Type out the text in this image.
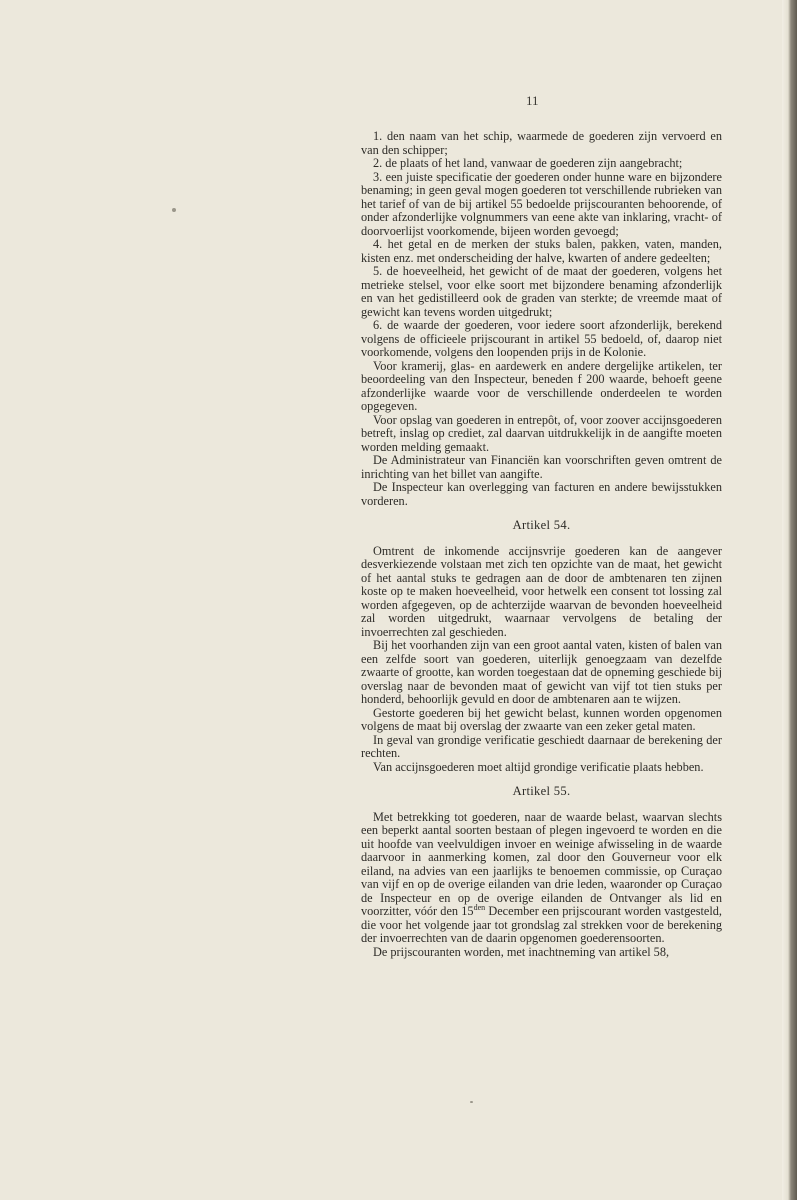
11

1. den naam van het schip, waarmede de goederen zijn vervoerd en van den schipper;

2. de plaats of het land, vanwaar de goederen zijn aangebracht;

3. een juiste specificatie der goederen onder hunne ware en bijzondere benaming; in geen geval mogen goederen tot verschillende rubrieken van het tarief of van de bij artikel 55 bedoelde prijscouranten behoorende, of onder afzonderlijke volgnummers van eene akte van inklaring, vracht- of doorvoerlijst voorkomende, bijeen worden gevoegd;

4. het getal en de merken der stuks balen, pakken, vaten, manden, kisten enz. met onderscheiding der halve, kwarten of andere gedeelten;

5. de hoeveelheid, het gewicht of de maat der goederen, volgens het metrieke stelsel, voor elke soort met bijzondere benaming afzonderlijk en van het gedistilleerd ook de graden van sterkte; de vreemde maat of gewicht kan tevens worden uitgedrukt;

6. de waarde der goederen, voor iedere soort afzonderlijk, berekend volgens de officieele prijscourant in artikel 55 bedoeld, of, daarop niet voorkomende, volgens den loopenden prijs in de Kolonie.

Voor kramerij, glas- en aardewerk en andere dergelijke artikelen, ter beoordeeling van den Inspecteur, beneden f 200 waarde, behoeft geene afzonderlijke waarde voor de verschillende onderdeelen te worden opgegeven.

Voor opslag van goederen in entrepôt, of, voor zoover accijnsgoederen betreft, inslag op crediet, zal daarvan uitdrukkelijk in de aangifte moeten worden melding gemaakt.

De Administrateur van Financiën kan voorschriften geven omtrent de inrichting van het billet van aangifte.

De Inspecteur kan overlegging van facturen en andere bewijsstukken vorderen.

Artikel 54.

Omtrent de inkomende accijnsvrije goederen kan de aangever desverkiezende volstaan met zich ten opzichte van de maat, het gewicht of het aantal stuks te gedragen aan de door de ambtenaren ten zijnen koste op te maken hoeveelheid, voor hetwelk een consent tot lossing zal worden afgegeven, op de achterzijde waarvan de bevonden hoeveelheid zal worden uitgedrukt, waarnaar vervolgens de betaling der invoerrechten zal geschieden.

Bij het voorhanden zijn van een groot aantal vaten, kisten of balen van een zelfde soort van goederen, uiterlijk genoegzaam van dezelfde zwaarte of grootte, kan worden toegestaan dat de opneming geschiede bij overslag naar de bevonden maat of gewicht van vijf tot tien stuks per honderd, behoorlijk gevuld en door de ambtenaren aan te wijzen.

Gestorte goederen bij het gewicht belast, kunnen worden opgenomen volgens de maat bij overslag der zwaarte van een zeker getal maten.

In geval van grondige verificatie geschiedt daarnaar de berekening der rechten.

Van accijnsgoederen moet altijd grondige verificatie plaats hebben.

Artikel 55.

Met betrekking tot goederen, naar de waarde belast, waarvan slechts een beperkt aantal soorten bestaan of plegen ingevoerd te worden en die uit hoofde van veelvuldigen invoer en weinige afwisseling in de waarde daarvoor in aanmerking komen, zal door den Gouverneur voor elk eiland, na advies van een jaarlijks te benoemen commissie, op Curaçao van vijf en op de overige eilanden van drie leden, waaronder op Curaçao de Inspecteur en op de overige eilanden de Ontvanger als lid en voorzitter, vóór den $15^{den}$ December een prijscourant worden vastgesteld, die voor het volgende jaar tot grondslag zal strekken voor de berekening der invoerrechten van de daarin opgenomen goederensoorten.

De prijscouranten worden, met inachtneming van artikel 58,
